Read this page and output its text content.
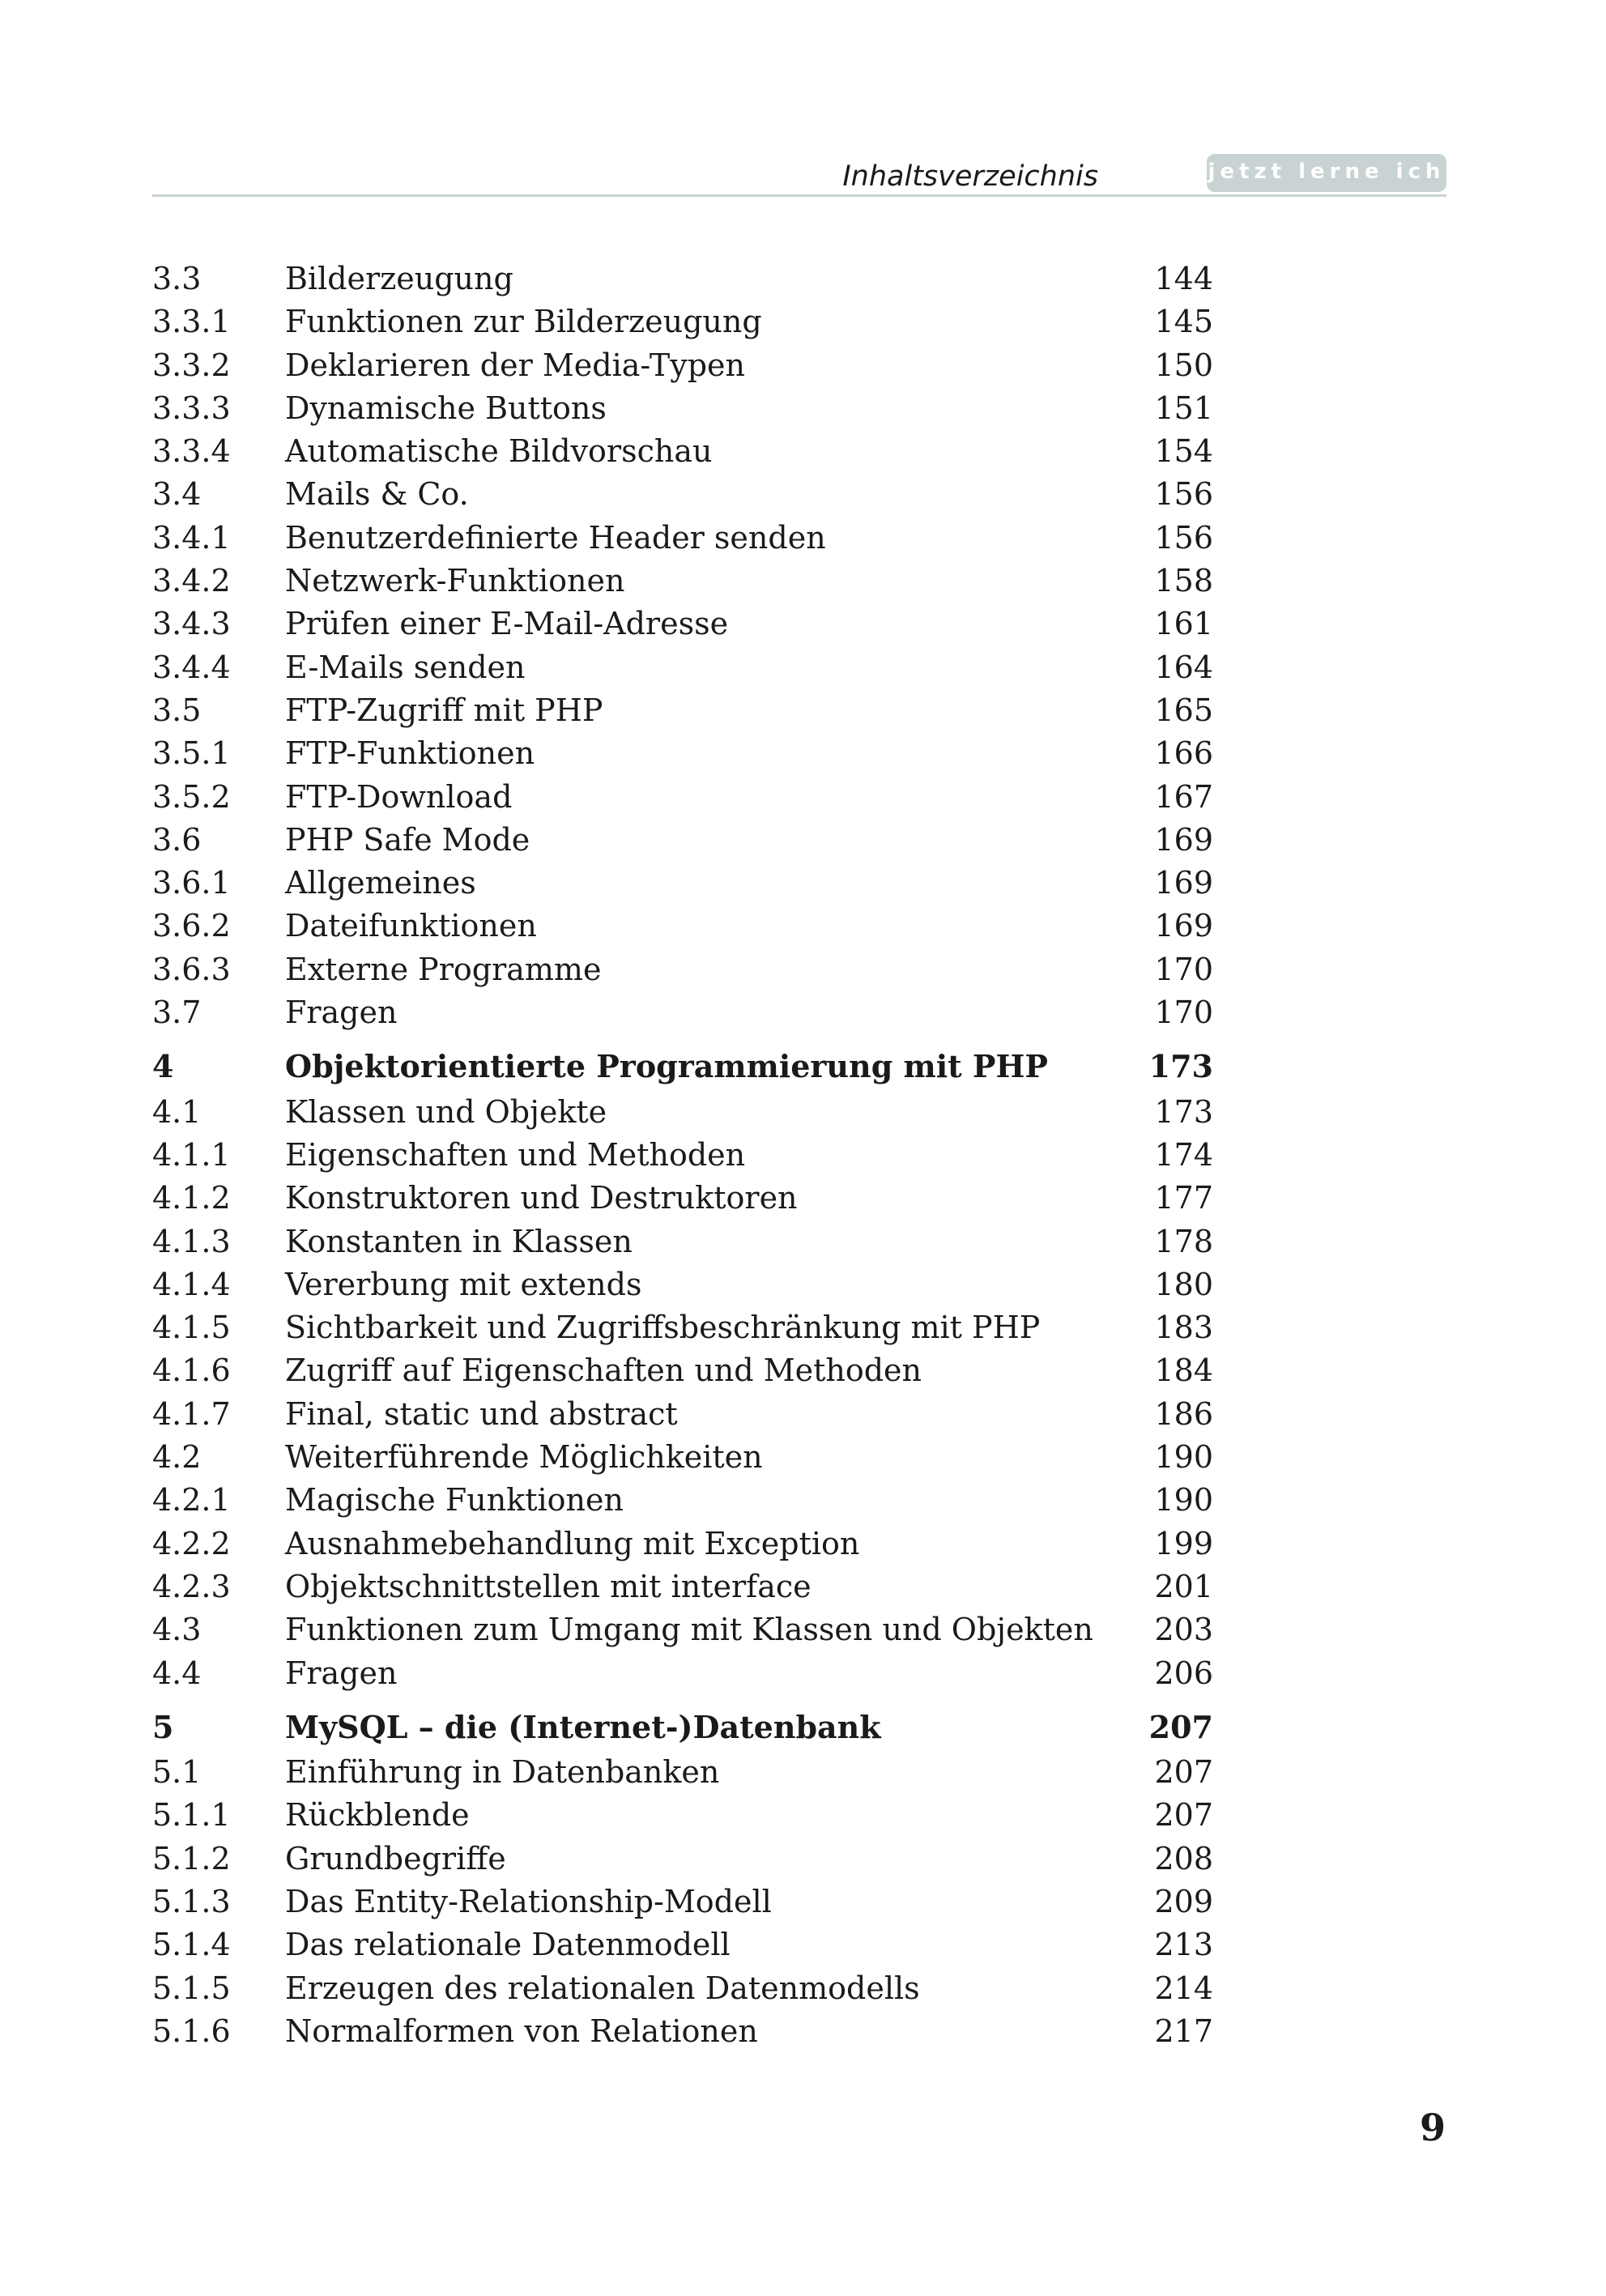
Inhaltsverzeichnis	jetzt lerne ich
3.3	Bilderzeugung	144
3.3.1 Funktionen zur Bilderzeugung	145
3.3.2 Deklarieren der Media-Typen	150
3.3.3 Dynamische Buttons	151
3.3.4 Automatische Bildvorschau	154
3.4	Mails & Co.	156
3.4.1 Benutzerdefinierte Header senden	156
3.4.2 Netzwerk-Funktionen	158
3.4.3 Prüfen einer E-Mail-Adresse	161
3.4.4 E-Mails senden	164
3.5	FTP-Zugriff mit PHP	165
3.5.1 FTP-Funktionen	166
3.5.2 FTP-Download	167
3.6	PHP Safe Mode	169
3.6.1 Allgemeines	169
3.6.2 Dateifunktionen	169
3.6.3 Externe Programme	170
3.7	Fragen	170
4	Objektorientierte Programmierung mit PHP	173
4.1	Klassen und Objekte	173
4.1.1 Eigenschaften und Methoden	174
4.1.2 Konstruktoren und Destruktoren	177
4.1.3 Konstanten in Klassen	178
4.1.4 Vererbung mit extends	180
4.1.5 Sichtbarkeit und Zugriffsbeschränkung mit PHP	183
4.1.6 Zugriff auf Eigenschaften und Methoden	184
4.1.7 Final, static und abstract	186
4.2	Weiterführende Möglichkeiten	190
4.2.1 Magische Funktionen	190
4.2.2 Ausnahmebehandlung mit Exception	199
4.2.3 Objektschnittstellen mit interface	201
4.3	Funktionen zum Umgang mit Klassen und Objekten 203
4.4	Fragen	206
5	MySQL – die (Internet-)Datenbank	207
5.1	Einführung in Datenbanken	207
5.1.1 Rückblende	207
5.1.2 Grundbegriffe	208
5.1.3 Das Entity-Relationship-Modell	209
5.1.4 Das relationale Datenmodell	213
5.1.5 Erzeugen des relationalen Datenmodells	214
5.1.6 Normalformen von Relationen	217
9
